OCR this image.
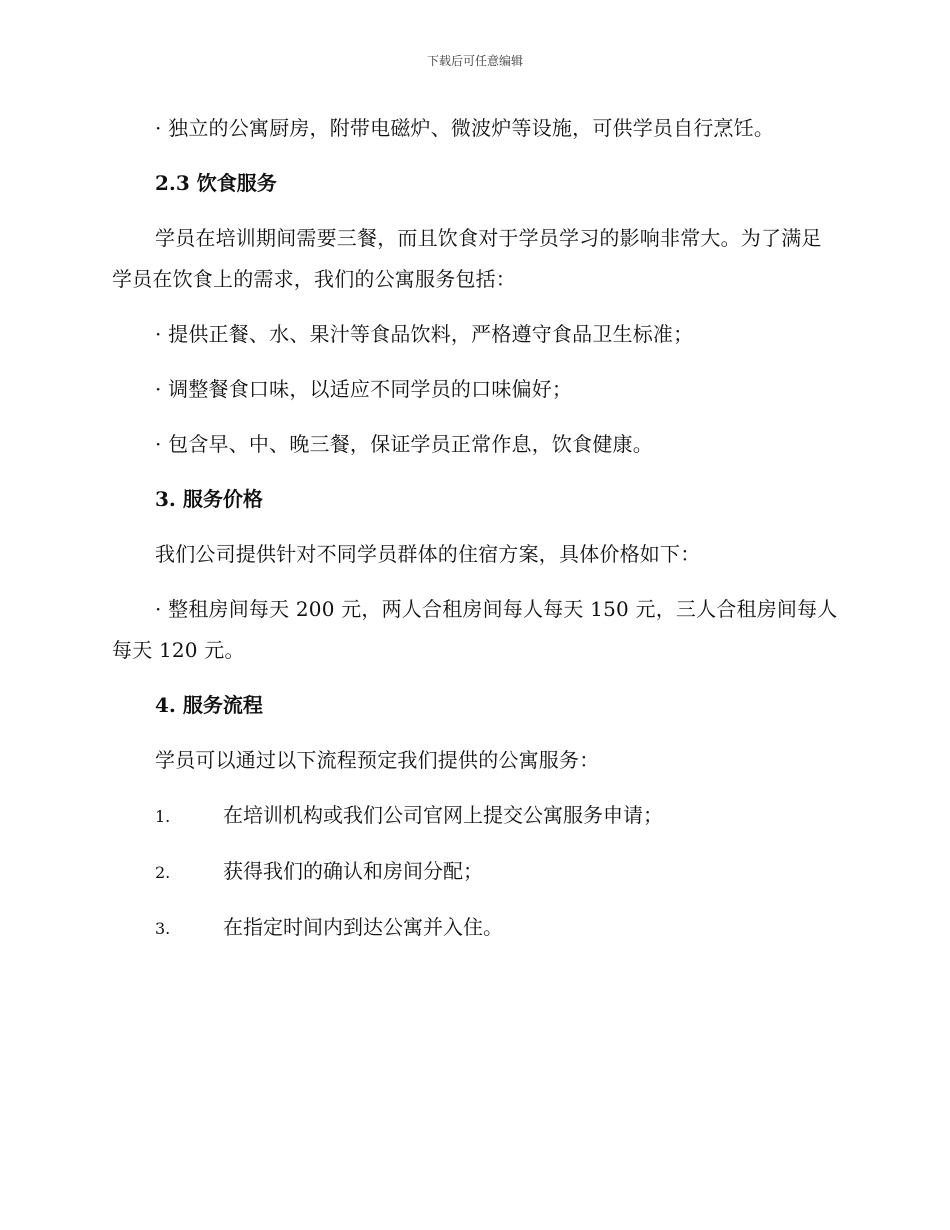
下载后可任意编辑

· 独立的公寓厨房，附带电磁炉、微波炉等设施，可供学员自行烹饪。

2.3 饮食服务

学员在培训期间需要三餐，而且饮食对于学员学习的影响非常大。为了满足学员在饮食上的需求，我们的公寓服务包括：

· 提供正餐、水、果汁等食品饮料，严格遵守食品卫生标准；

· 调整餐食口味，以适应不同学员的口味偏好；

· 包含早、中、晚三餐，保证学员正常作息，饮食健康。

3. 服务价格

我们公司提供针对不同学员群体的住宿方案，具体价格如下：

· 整租房间每天 200 元，两人合租房间每人每天 150 元，三人合租房间每人每天 120 元。

4. 服务流程

学员可以通过以下流程预定我们提供的公寓服务：

1.	在培训机构或我们公司官网上提交公寓服务申请；
2.	获得我们的确认和房间分配；
3.	在指定时间内到达公寓并入住。
